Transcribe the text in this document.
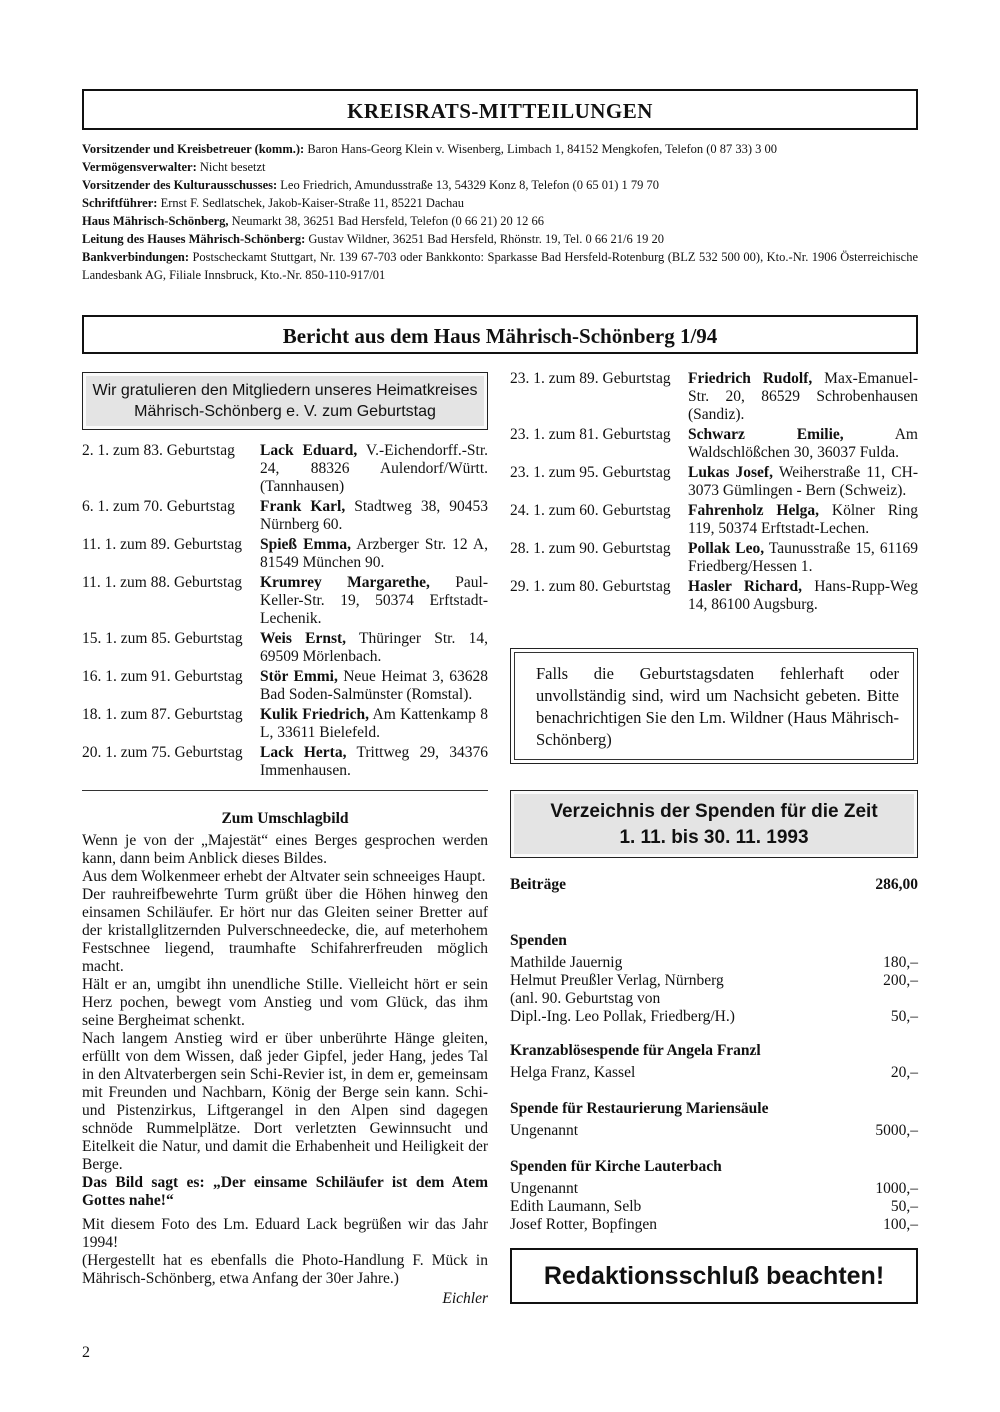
KREISRATS-MITTEILUNGEN
Vorsitzender und Kreisbetreuer (komm.): Baron Hans-Georg Klein v. Wisenberg, Limbach 1, 84152 Mengkofen, Telefon (0 87 33) 3 00
Vermögensverwalter: Nicht besetzt
Vorsitzender des Kulturausschusses: Leo Friedrich, Amundusstraße 13, 54329 Konz 8, Telefon (0 65 01) 1 79 70
Schriftführer: Ernst F. Sedlatschek, Jakob-Kaiser-Straße 11, 85221 Dachau
Haus Mährisch-Schönberg, Neumarkt 38, 36251 Bad Hersfeld, Telefon (0 66 21) 20 12 66
Leitung des Hauses Mährisch-Schönberg: Gustav Wildner, 36251 Bad Hersfeld, Rhönstr. 19, Tel. 0 66 21/6 19 20
Bankverbindungen: Postscheckamt Stuttgart, Nr. 139 67-703 oder Bankkonto: Sparkasse Bad Hersfeld-Rotenburg (BLZ 532 500 00), Kto.-Nr. 1906 Österreichische Landesbank AG, Filiale Innsbruck, Kto.-Nr. 850-110-917/01
Bericht aus dem Haus Mährisch-Schönberg 1/94
Wir gratulieren den Mitgliedern unseres Heimatkreises Mährisch-Schönberg e. V. zum Geburtstag
2. 1. zum 83. Geburtstag	Lack Eduard, V.-Eichendorff.-Str. 24, 88326 Aulendorf/Württ. (Tannhausen)
6. 1. zum 70. Geburtstag	Frank Karl, Stadtweg 38, 90453 Nürnberg 60.
11. 1. zum 89. Geburtstag	Spieß Emma, Arzberger Str. 12 A, 81549 München 90.
11. 1. zum 88. Geburtstag	Krumrey Margarethe, Paul-Keller-Str. 19, 50374 Erftstadt-Lechenik.
15. 1. zum 85. Geburtstag	Weis Ernst, Thüringer Str. 14, 69509 Mörlenbach.
16. 1. zum 91. Geburtstag	Stör Emmi, Neue Heimat 3, 63628 Bad Soden-Salmünster (Romstal).
18. 1. zum 87. Geburtstag	Kulik Friedrich, Am Kattenkamp 8 L, 33611 Bielefeld.
20. 1. zum 75. Geburtstag	Lack Herta, Trittweg 29, 34376 Immenhausen.
23. 1. zum 89. Geburtstag	Friedrich Rudolf, Max-Emanuel-Str. 20, 86529 Schrobenhausen (Sandiz).
23. 1. zum 81. Geburtstag	Schwarz Emilie, Am Waldschlößchen 30, 36037 Fulda.
23. 1. zum 95. Geburtstag	Lukas Josef, Weiherstraße 11, CH-3073 Gümlingen - Bern (Schweiz).
24. 1. zum 60. Geburtstag	Fahrenholz Helga, Kölner Ring 119, 50374 Erftstadt-Lechen.
28. 1. zum 90. Geburtstag	Pollak Leo, Taunusstraße 15, 61169 Friedberg/Hessen 1.
29. 1. zum 80. Geburtstag	Hasler Richard, Hans-Rupp-Weg 14, 86100 Augsburg.
Falls die Geburtstagsdaten fehlerhaft oder unvollständig sind, wird um Nachsicht gebeten. Bitte benachrichtigen Sie den Lm. Wildner (Haus Mährisch-Schönberg)

Zum Umschlagbild

Wenn je von der „Majestät“ eines Berges gesprochen werden kann, dann beim Anblick dieses Bildes.

Aus dem Wolkenmeer erhebt der Altvater sein schneeiges Haupt.

Der rauhreifbewehrte Turm grüßt über die Höhen hinweg den einsamen Schiläufer. Er hört nur das Gleiten seiner Bretter auf der kristallglitzernden Pulverschneedecke, die, auf meterhohem Festschnee liegend, traumhafte Schifahrerfreuden möglich macht.

Hält er an, umgibt ihn unendliche Stille. Vielleicht hört er sein Herz pochen, bewegt vom Anstieg und vom Glück, das ihm seine Bergheimat schenkt.

Nach langem Anstieg wird er über unberührte Hänge gleiten, erfüllt von dem Wissen, daß jeder Gipfel, jeder Hang, jedes Tal in den Altvaterbergen sein Schi-Revier ist, in dem er, gemeinsam mit Freunden und Nachbarn, König der Berge sein kann. Schi- und Pistenzirkus, Liftgerangel in den Alpen sind dagegen schnöde Rummelplätze. Dort verletzten Gewinnsucht und Eitelkeit die Natur, und damit die Erhabenheit und Heiligkeit der Berge.

Das Bild sagt es: „Der einsame Schiläufer ist dem Atem Gottes nahe!“

Mit diesem Foto des Lm. Eduard Lack begrüßen wir das Jahr 1994!

(Hergestellt hat es ebenfalls die Photo-Handlung F. Mück in Mährisch-Schönberg, etwa Anfang der 30er Jahre.)

Eichler

Verzeichnis der Spenden für die Zeit
1. 11. bis 30. 11. 1993
Beiträge	286,00
Spenden
Mathilde Jauernig	180,–
Helmut Preußler Verlag, Nürnberg	200,–
(anl. 90. Geburtstag von
Dipl.-Ing. Leo Pollak, Friedberg/H.)	50,–
Kranzablösespende für Angela Franzl
Helga Franz, Kassel	20,–
Spende für Restaurierung Mariensäule
Ungenannt	5000,–
Spenden für Kirche Lauterbach
Ungenannt	1000,–
Edith Laumann, Selb	50,–
Josef Rotter, Bopfingen	100,–
Redaktionsschluß beachten!
2
